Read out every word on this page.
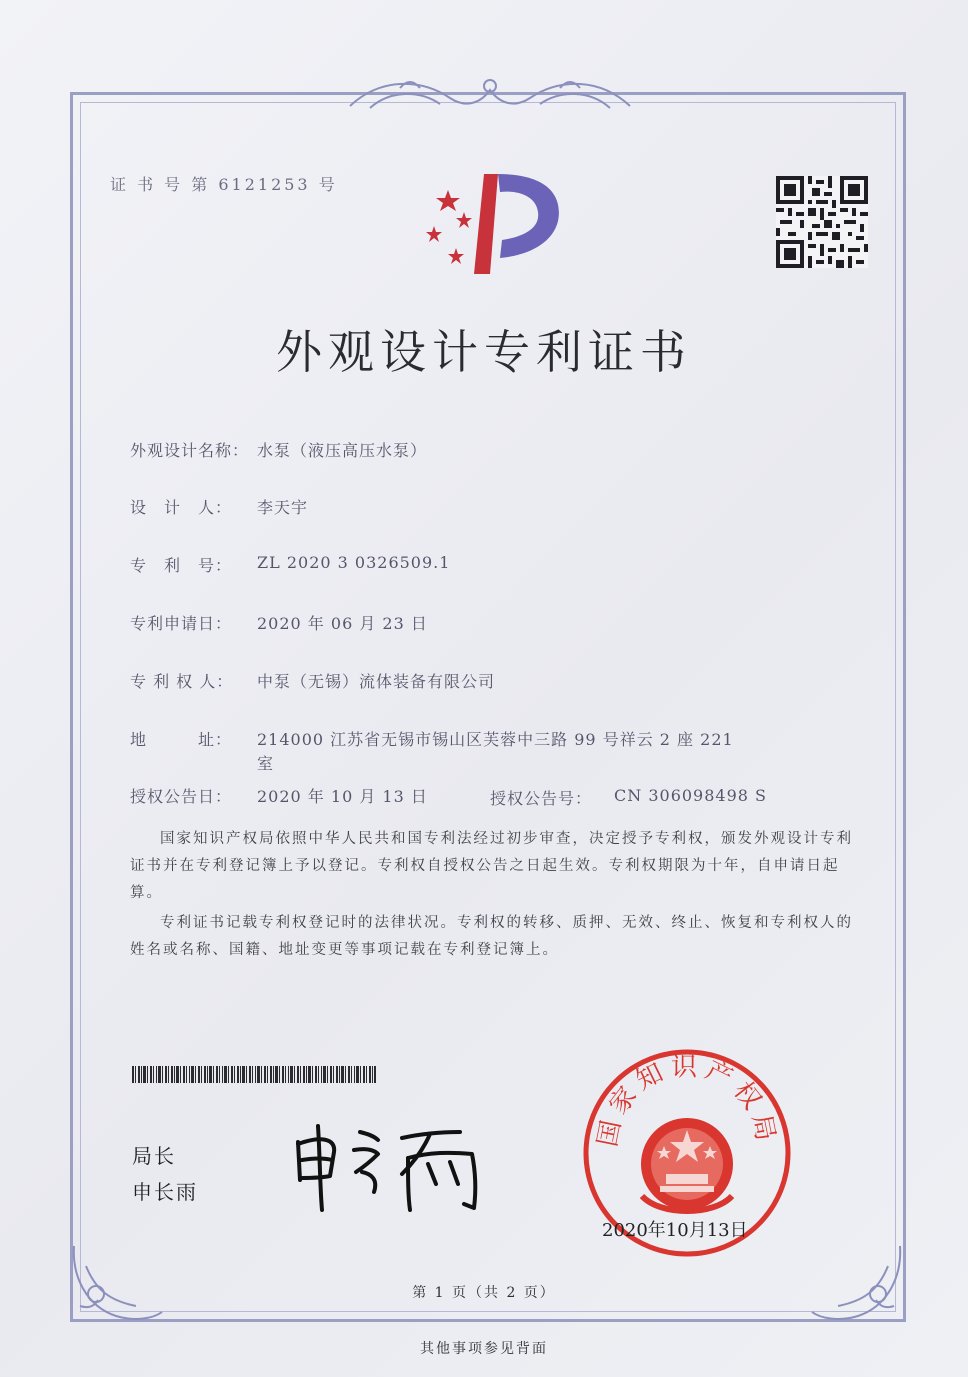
证 书 号 第 6121253 号
外观设计专利证书
外观设计名称： 水泵（液压高压水泵）
设　计　人： 李天宇
专　利　号： ZL 2020 3 0326509.1
专利申请日： 2020 年 06 月 23 日
专 利 权 人： 中泵（无锡）流体装备有限公司
地　　　址： 214000 江苏省无锡市锡山区芙蓉中三路 99 号祥云 2 座 221
室
授权公告日： 2020 年 10 月 13 日	授权公告号： CN 306098498 S
国家知识产权局依照中华人民共和国专利法经过初步审查，决定授予专利权，颁发外观设计专利证书并在专利登记簿上予以登记。专利权自授权公告之日起生效。专利权期限为十年，自申请日起算。
专利证书记载专利权登记时的法律状况。专利权的转移、质押、无效、终止、恢复和专利权人的姓名或名称、国籍、地址变更等事项记载在专利登记簿上。
局长
申长雨
国家知识产权局
2020年10月13日
第 1 页（共 2 页）
其他事项参见背面
